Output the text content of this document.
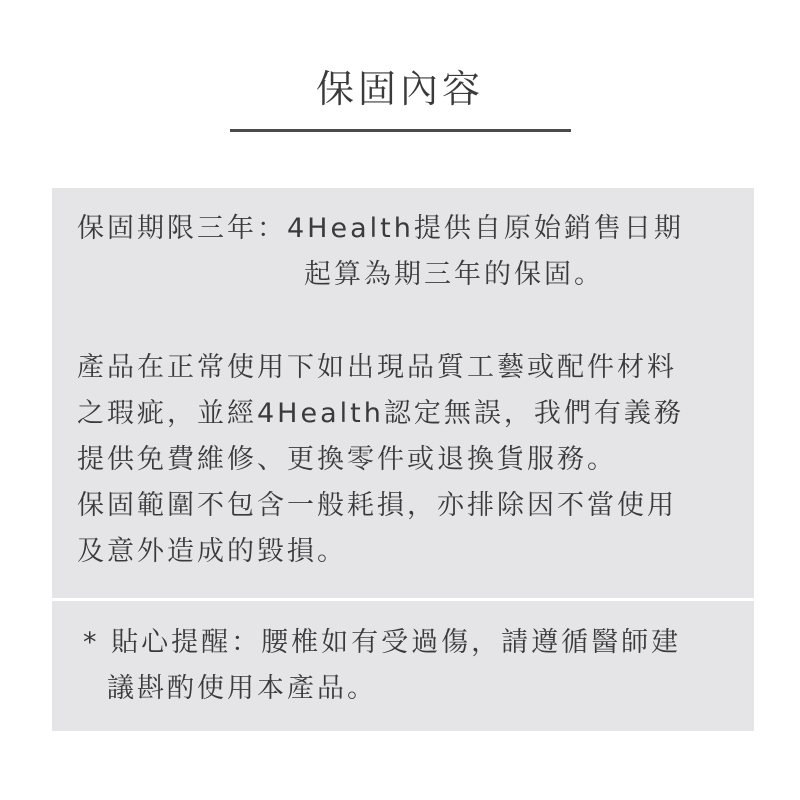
保固內容
保固期限三年：4Health提供自原始銷售日期
起算為期三年的保固。
產品在正常使用下如出現品質工藝或配件材料
之瑕疵，並經4Health認定無誤，我們有義務
提供免費維修、更換零件或退換貨服務。
保固範圍不包含一般耗損，亦排除因不當使用
及意外造成的毀損。
* 貼心提醒：腰椎如有受過傷，請遵循醫師建
議斟酌使用本產品。
